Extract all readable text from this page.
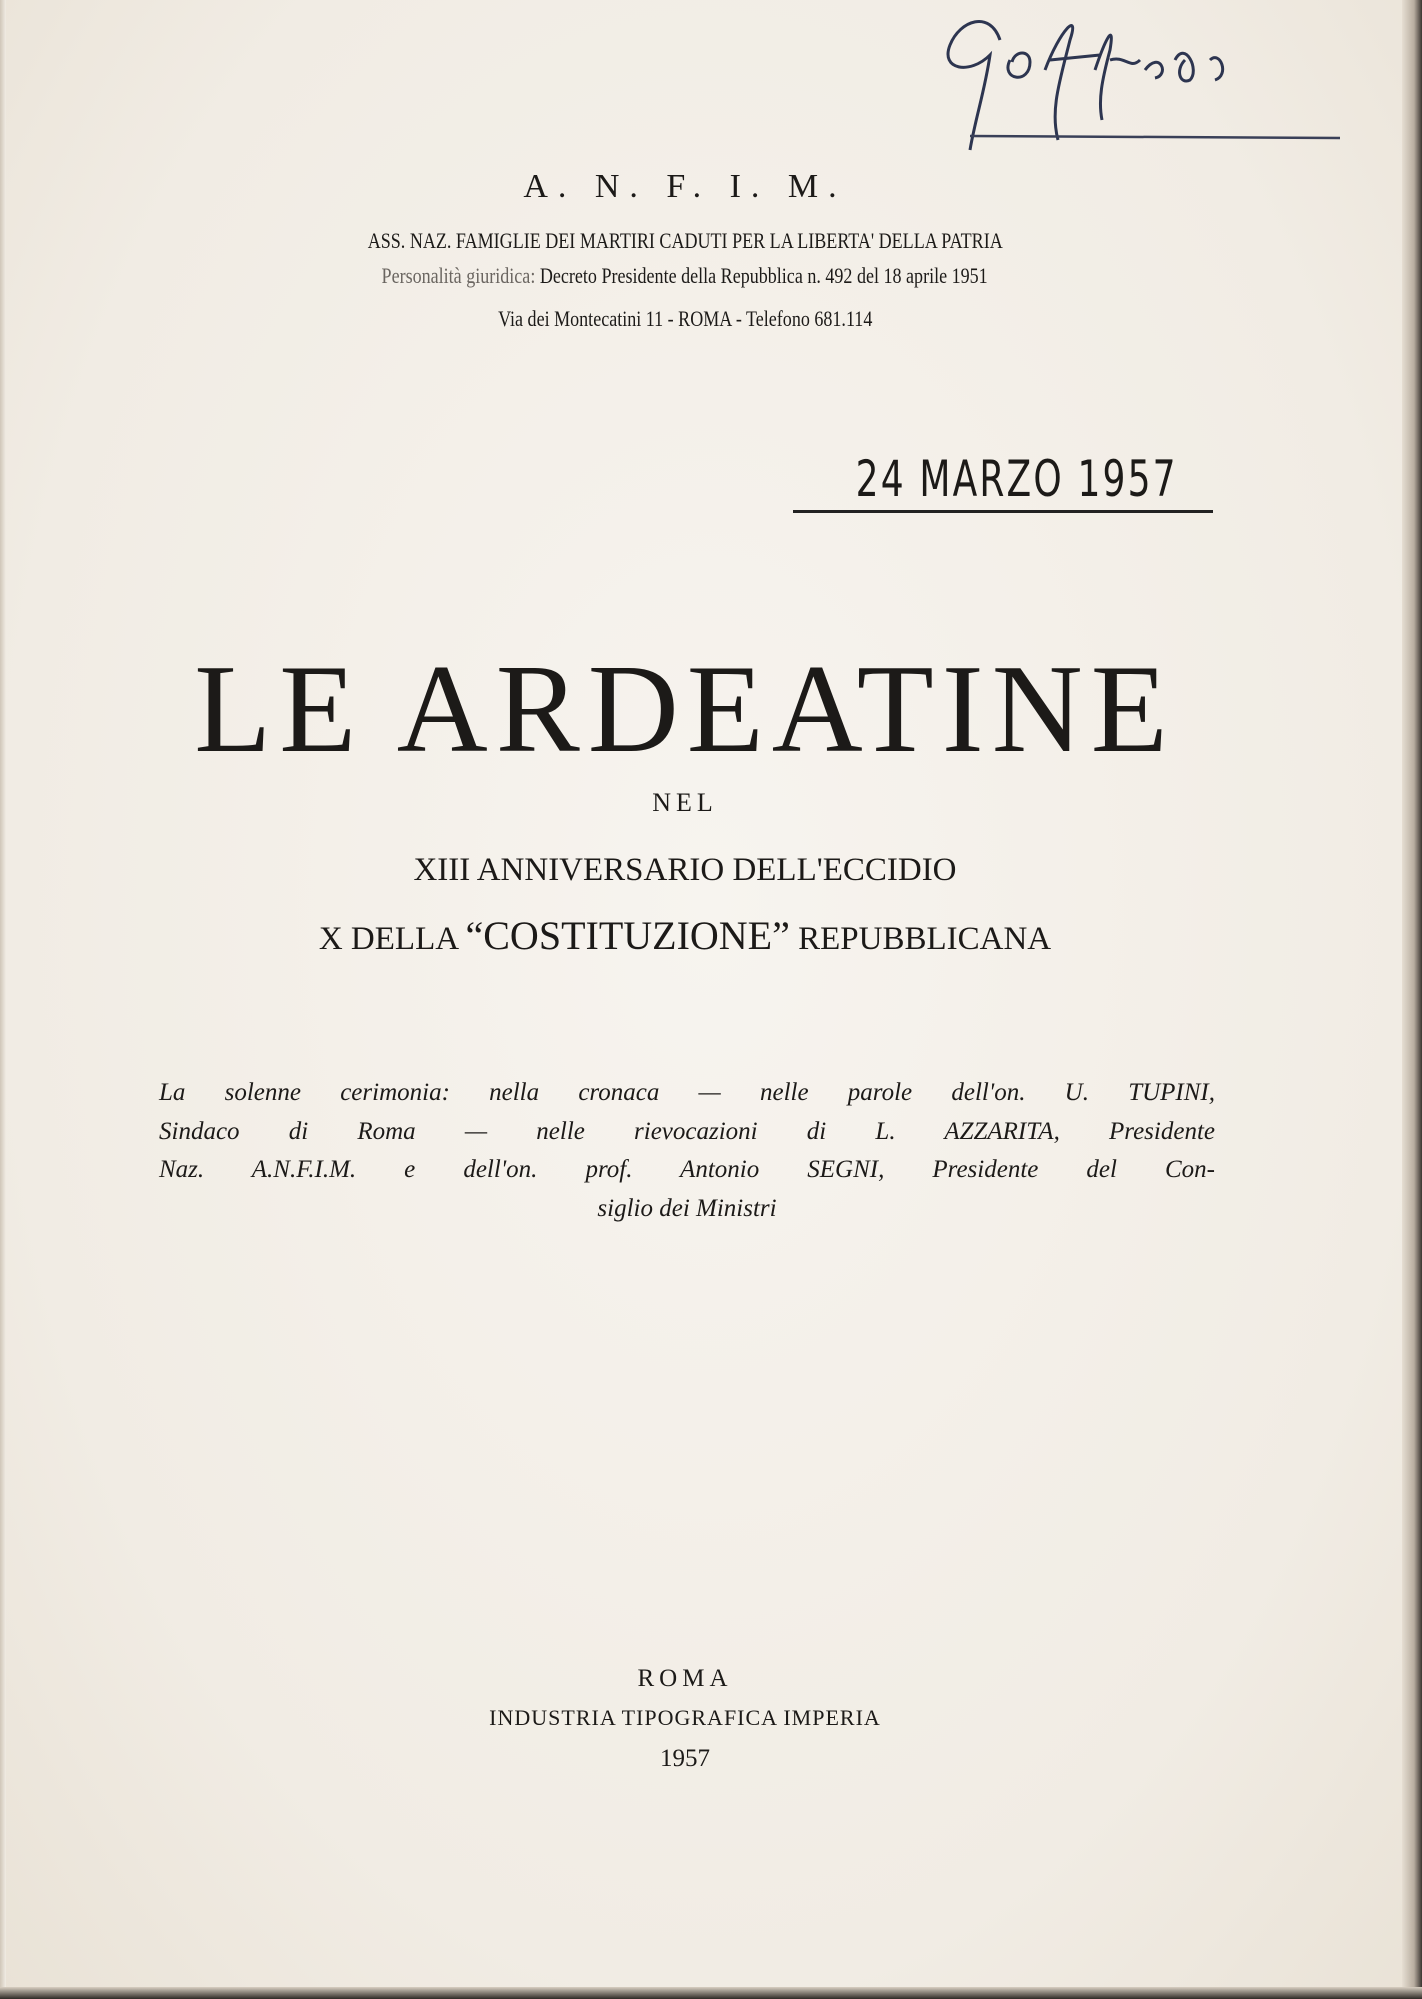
A. N. F. I. M.
ASS. NAZ. FAMIGLIE DEI MARTIRI CADUTI PER LA LIBERTA' DELLA PATRIA
Personalità giuridica: Decreto Presidente della Repubblica n. 492 del 18 aprile 1951
Via dei Montecatini 11 - ROMA - Telefono 681.114
24 MARZO 1957
LE ARDEATINE
NEL
XIII ANNIVERSARIO DELL'ECCIDIO
X DELLA “COSTITUZIONE” REPUBBLICANA
La solenne cerimonia: nella cronaca — nelle parole dell'on. U. TUPINI,
Sindaco di Roma — nelle rievocazioni di L. AZZARITA, Presidente
Naz. A.N.F.I.M. e dell'on. prof. Antonio SEGNI, Presidente del Con-
siglio dei Ministri
ROMA
INDUSTRIA TIPOGRAFICA IMPERIA
1957
